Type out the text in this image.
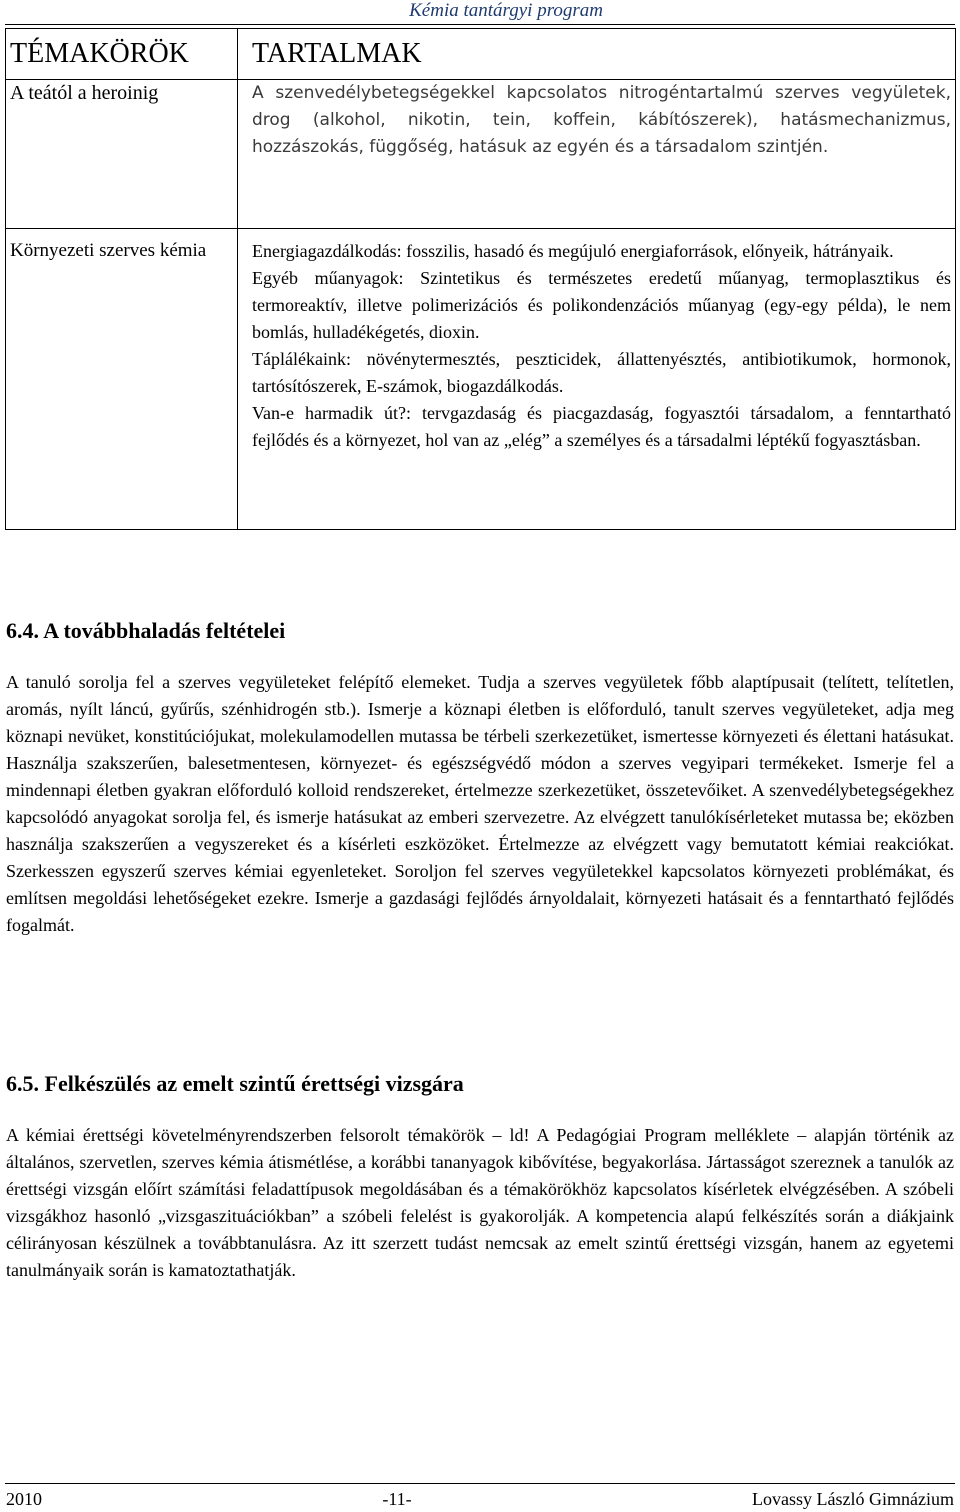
Kémia tantárgyi program
TÉMAKÖRÖK	TARTALMAK

A teától a heroinig	A szenvedélybetegségekkel kapcsolatos nitrogéntartalmú szerves vegyületek, drog (alkohol, nikotin, tein, koffein, kábítószerek), hatásmechanizmus, hozzászokás, függőség, hatásuk az egyén és a társadalom szintjén.

Környezeti szerves kémia	Energiagazdálkodás: fosszilis, hasadó és megújuló energiaforrások, előnyeik, hátrányaik.

Egyéb műanyagok: Szintetikus és természetes eredetű műanyag, termoplasztikus és termoreaktív, illetve polimerizációs és polikondenzációs műanyag (egy-egy példa), le nem bomlás, hulladékégetés, dioxin.

Táplálékaink: növénytermesztés, peszticidek, állattenyésztés, antibiotikumok, hormonok, tartósítószerek, E-számok, biogazdálkodás.

Van-e harmadik út?: tervgazdaság és piacgazdaság, fogyasztói társadalom, a fenntartható fejlődés és a környezet, hol van az „elég” a személyes és a társadalmi léptékű fogyasztásban.

6.4. A továbbhaladás feltételei

A tanuló sorolja fel a szerves vegyületeket felépítő elemeket. Tudja a szerves vegyületek főbb alaptípusait (telített, telítetlen, aromás, nyílt láncú, gyűrűs, szénhidrogén stb.). Ismerje a köznapi életben is előforduló, tanult szerves vegyületeket, adja meg köznapi nevüket, konstitúciójukat, molekulamodellen mutassa be térbeli szerkezetüket, ismertesse környezeti és élettani hatásukat. Használja szakszerűen, balesetmentesen, környezet- és egészségvédő módon a szerves vegyipari termékeket. Ismerje fel a mindennapi életben gyakran előforduló kolloid rendszereket, értelmezze szerkezetüket, összetevőiket. A szenvedélybetegségekhez kapcsolódó anyagokat sorolja fel, és ismerje hatásukat az emberi szervezetre. Az elvégzett tanulókísérleteket mutassa be; eközben használja szakszerűen a vegyszereket és a kísérleti eszközöket. Értelmezze az elvégzett vagy bemutatott kémiai reakciókat. Szerkesszen egyszerű szerves kémiai egyenleteket. Soroljon fel szerves vegyületekkel kapcsolatos környezeti problémákat, és említsen megoldási lehetőségeket ezekre. Ismerje a gazdasági fejlődés árnyoldalait, környezeti hatásait és a fenntartható fejlődés fogalmát.

6.5. Felkészülés az emelt szintű érettségi vizsgára

A kémiai érettségi követelményrendszerben felsorolt témakörök – ld! A Pedagógiai Program melléklete – alapján történik az általános, szervetlen, szerves kémia átismétlése, a korábbi tananyagok kibővítése, begyakorlása. Jártasságot szereznek a tanulók az érettségi vizsgán előírt számítási feladattípusok megoldásában és a témakörökhöz kapcsolatos kísérletek elvégzésében. A szóbeli vizsgákhoz hasonló „vizsgaszituációkban” a szóbeli felelést is gyakorolják. A kompetencia alapú felkészítés során a diákjaink célirányosan készülnek a továbbtanulásra. Az itt szerzett tudást nemcsak az emelt szintű érettségi vizsgán, hanem az egyetemi tanulmányaik során is kamatoztathatják.

2010	-11-	Lovassy László Gimnázium
